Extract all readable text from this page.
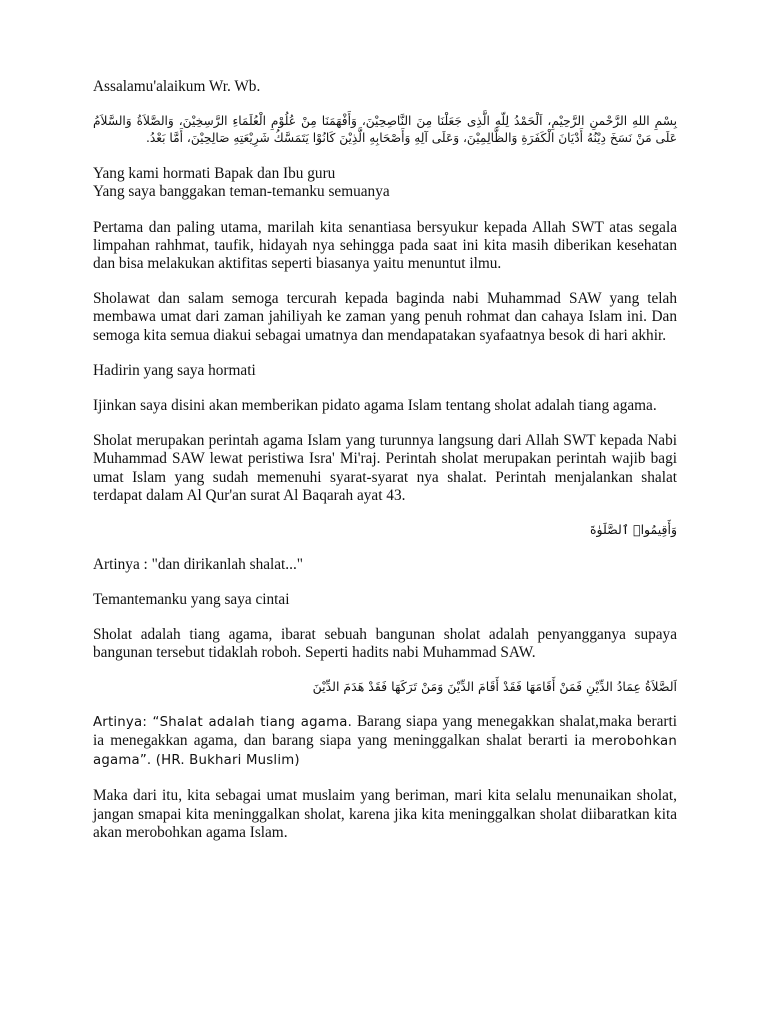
Assalamu'alaikum Wr. Wb.

بِسْمِ اللهِ الرَّحْمنِ الرَّحِيْمِ، اَلْحَمْدُ لِلّهِ الَّذِى جَعَلْنَا مِنَ النَّاصِحِيْنَ، وَأَفْهَمَنَا مِنْ عُلُوْمِ الْعُلَمَاءِ الرَّسِخِيْنَ، وَالصَّلاَةُ وَالسَّلاَمُ عَلَى مَنْ نَسَخَ دِيْنُهُ أَدْيَانَ الْكَفَرَةِ وَالظَّالِمِيْنَ، وَعَلَى آلِهِ وَأَصْحَابِهِ الَّذِيْنَ كَانُوْا يَتَمَسَّكُ شَرِيْعَتِهِ صَالِحِيْنَ، أَمَّا بَعْدُ.

Yang kami hormati Bapak dan Ibu guru

Yang saya banggakan teman-temanku semuanya

Pertama dan paling utama, marilah kita senantiasa bersyukur kepada Allah SWT atas segala limpahan rahhmat, taufik, hidayah nya sehingga pada saat ini kita masih diberikan kesehatan dan bisa melakukan aktifitas seperti biasanya yaitu menuntut ilmu.

Sholawat dan salam semoga tercurah kepada baginda nabi Muhammad SAW yang telah membawa umat dari zaman jahiliyah ke zaman yang penuh rohmat dan cahaya Islam ini. Dan semoga kita semua diakui sebagai umatnya dan mendapatakan syafaatnya besok di hari akhir.

Hadirin yang saya hormati

Ijinkan saya disini akan memberikan pidato agama Islam tentang sholat adalah tiang agama.

Sholat merupakan perintah agama Islam yang turunnya langsung dari Allah SWT kepada Nabi Muhammad SAW lewat peristiwa Isra' Mi'raj. Perintah sholat merupakan perintah wajib bagi umat Islam yang sudah memenuhi syarat-syarat nya shalat. Perintah menjalankan shalat terdapat dalam Al Qur'an surat Al Baqarah ayat 43.

وَأَقِيمُوا۟ ٱلصَّلَوٰةَ

Artinya : "dan dirikanlah shalat..."

Temantemanku yang saya cintai

Sholat adalah tiang agama, ibarat sebuah bangunan sholat adalah penyangganya supaya bangunan tersebut tidaklah roboh. Seperti hadits nabi Muhammad SAW.

اَلصَّلاَةُ عِمَادُ الدِّيْنِ فَمَنْ أَقَامَهَا فَقَدْ أَقَامَ الدِّيْنَ وَمَنْ تَرَكَهَا فَقَدْ هَدَمَ الدِّيْنَ

Artinya: “Shalat adalah tiang agama. Barang siapa yang menegakkan shalat,maka berarti ia menegakkan agama, dan barang siapa yang meninggalkan shalat berarti ia merobohkan agama”. (HR. Bukhari Muslim)

Maka dari itu, kita sebagai umat muslaim yang beriman, mari kita selalu menunaikan sholat, jangan smapai kita meninggalkan sholat, karena jika kita meninggalkan sholat diibaratkan kita akan merobohkan agama Islam.
